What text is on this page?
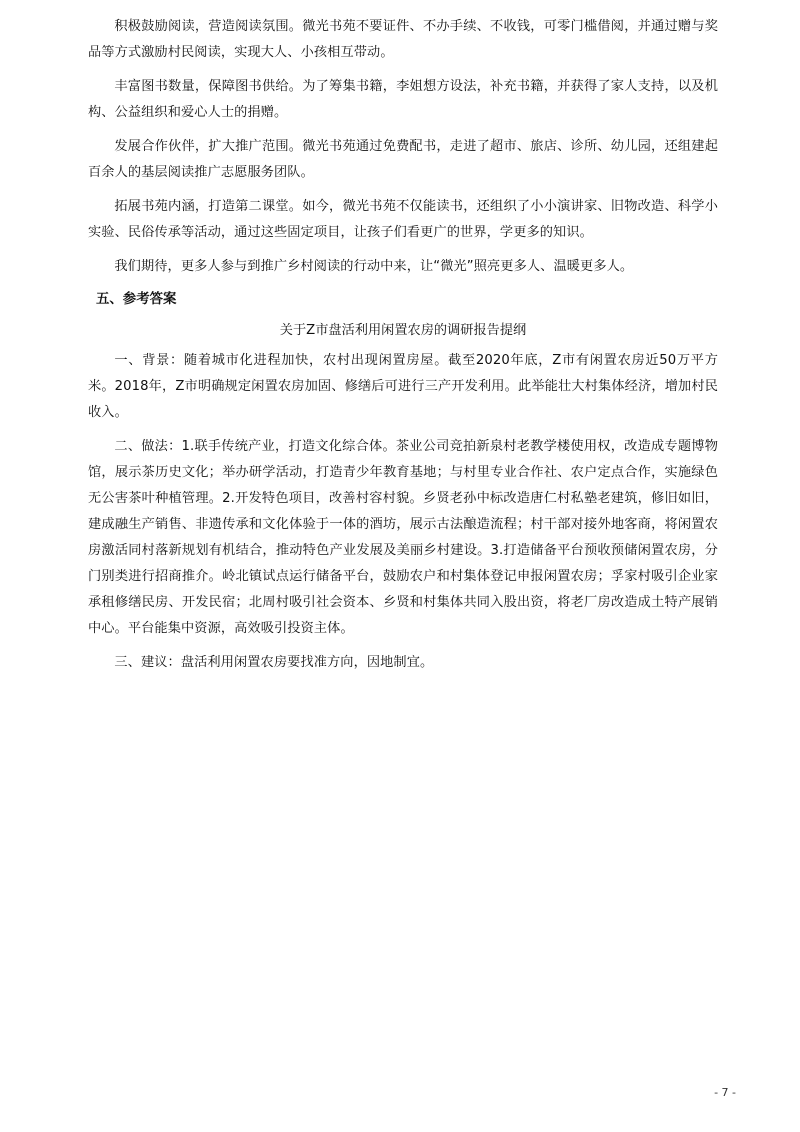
积极鼓励阅读，营造阅读氛围。微光书苑不要证件、不办手续、不收钱，可零门槛借阅，并通过赠与奖品等方式激励村民阅读，实现大人、小孩相互带动。

丰富图书数量，保障图书供给。为了筹集书籍，李姐想方设法，补充书籍，并获得了家人支持，以及机构、公益组织和爱心人士的捐赠。

发展合作伙伴，扩大推广范围。微光书苑通过免费配书，走进了超市、旅店、诊所、幼儿园，还组建起百余人的基层阅读推广志愿服务团队。

拓展书苑内涵，打造第二课堂。如今，微光书苑不仅能读书，还组织了小小演讲家、旧物改造、科学小实验、民俗传承等活动，通过这些固定项目，让孩子们看更广的世界，学更多的知识。

我们期待，更多人参与到推广乡村阅读的行动中来，让“微光”照亮更多人、温暖更多人。

五、参考答案
关于Z市盘活利用闲置农房的调研报告提纲

一、背景：随着城市化进程加快，农村出现闲置房屋。截至2020年底，Z市有闲置农房近50万平方米。2018年，Z市明确规定闲置农房加固、修缮后可进行三产开发利用。此举能壮大村集体经济，增加村民收入。

二、做法：1.联手传统产业，打造文化综合体。茶业公司竞拍新泉村老教学楼使用权，改造成专题博物馆，展示茶历史文化；举办研学活动，打造青少年教育基地；与村里专业合作社、农户定点合作，实施绿色无公害茶叶种植管理。2.开发特色项目，改善村容村貌。乡贤老孙中标改造唐仁村私塾老建筑，修旧如旧，建成融生产销售、非遗传承和文化体验于一体的酒坊，展示古法酿造流程；村干部对接外地客商，将闲置农房激活同村落新规划有机结合，推动特色产业发展及美丽乡村建设。3.打造储备平台预收预储闲置农房，分门别类进行招商推介。岭北镇试点运行储备平台，鼓励农户和村集体登记申报闲置农房；孚家村吸引企业家承租修缮民房、开发民宿；北周村吸引社会资本、乡贤和村集体共同入股出资，将老厂房改造成土特产展销中心。平台能集中资源，高效吸引投资主体。

三、建议：盘活利用闲置农房要找准方向，因地制宜。

- 7 -
